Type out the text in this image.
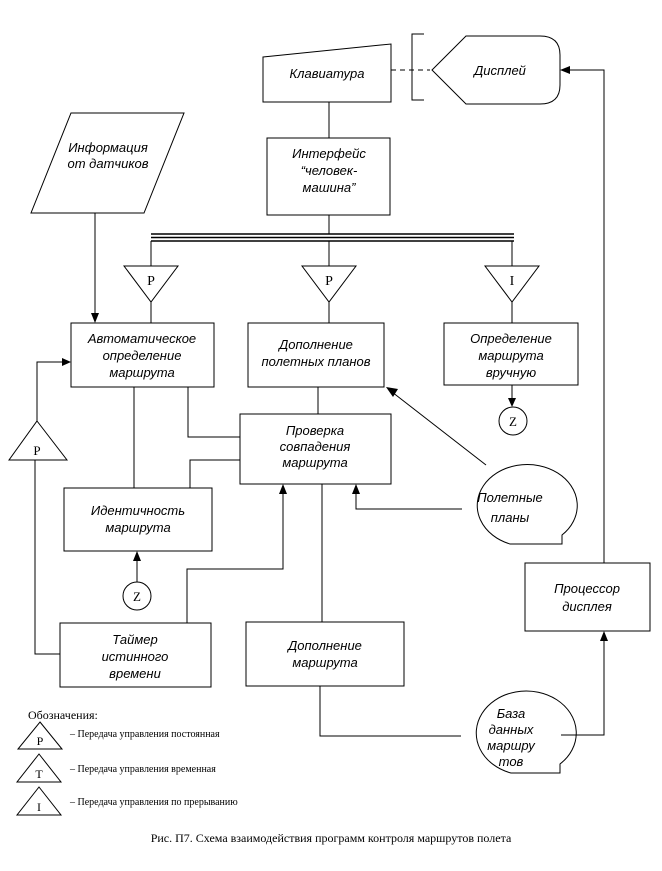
Клавиатура	Дисплей
Информация
от датчиков
Интерфейс
“человек-
машина”
P	P	I
Автоматическое
определение
маршрута
Дополнение
полетных планов
Определение
маршрута
вручную
Z
Проверка
совпадения
маршрута
Идентичность
маршрута
Z
Полетные
планы
P
Таймер
истинного
времени
Дополнение
маршрута
База
данных
маршру
тов
Процессор
дисплея
Обозначения:
P	– Передача управления постоянная
T	– Передача управления временная
I	– Передача управления по прерыванию
Рис. П7. Схема взаимодействия программ контроля маршрутов полета
